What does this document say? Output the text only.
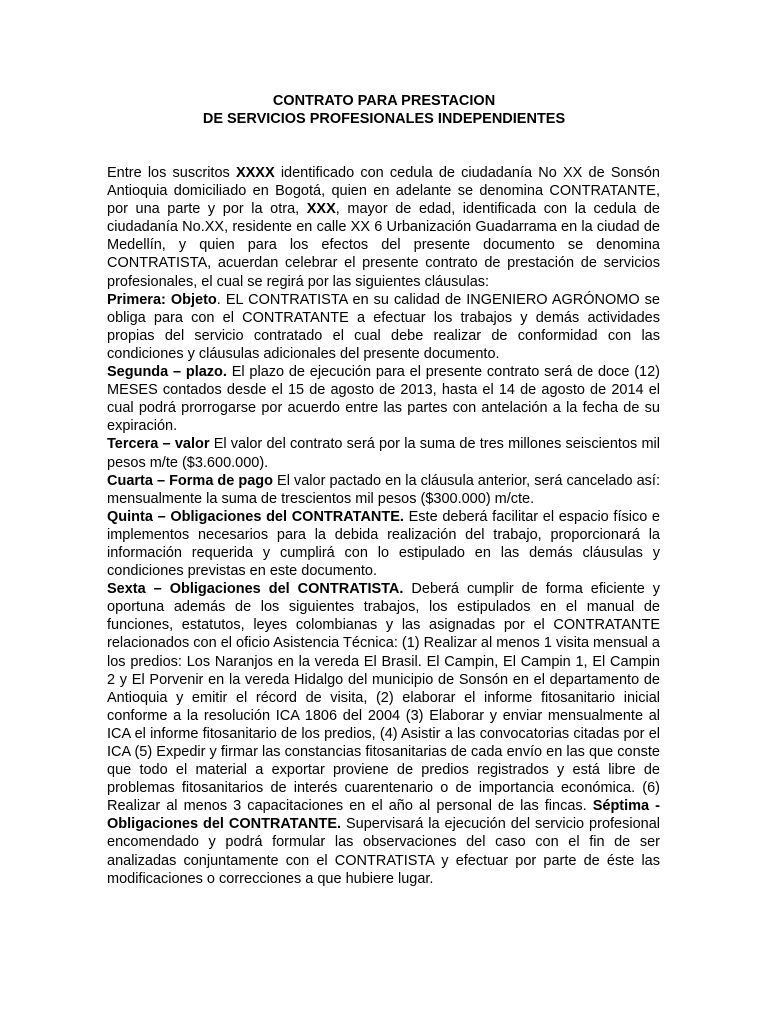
CONTRATO PARA PRESTACION
DE SERVICIOS PROFESIONALES INDEPENDIENTES

Entre los suscritos XXXX identificado con cedula de ciudadanía No XX de Sonsón Antioquia domiciliado en Bogotá, quien en adelante se denomina CONTRATANTE, por una parte y por la otra, XXX, mayor de edad, identificada con la cedula de ciudadanía No.XX, residente en calle XX 6 Urbanización Guadarrama en la ciudad de Medellín, y quien para los efectos del presente documento se denomina CONTRATISTA, acuerdan celebrar el presente contrato de prestación de servicios profesionales, el cual se regirá por las siguientes cláusulas:

Primera: Objeto. EL CONTRATISTA en su calidad de INGENIERO AGRÓNOMO se obliga para con el CONTRATANTE a efectuar los trabajos y demás actividades propias del servicio contratado el cual debe realizar de conformidad con las condiciones y cláusulas adicionales del presente documento.

Segunda – plazo. El plazo de ejecución para el presente contrato será de doce (12) MESES contados desde el 15 de agosto de 2013, hasta el 14 de agosto de 2014 el cual podrá prorrogarse por acuerdo entre las partes con antelación a la fecha de su expiración.

Tercera – valor El valor del contrato será por la suma de tres millones seiscientos mil pesos m/te ($3.600.000).

Cuarta – Forma de pago El valor pactado en la cláusula anterior, será cancelado así: mensualmente la suma de trescientos mil pesos ($300.000) m/cte.

Quinta – Obligaciones del CONTRATANTE. Este deberá facilitar el espacio físico e implementos necesarios para la debida realización del trabajo, proporcionará la información requerida y cumplirá con lo estipulado en las demás cláusulas y condiciones previstas en este documento.

Sexta – Obligaciones del CONTRATISTA. Deberá cumplir de forma eficiente y oportuna además de los siguientes trabajos, los estipulados en el manual de funciones, estatutos, leyes colombianas y las asignadas por el CONTRATANTE relacionados con el oficio Asistencia Técnica: (1) Realizar al menos 1 visita mensual a los predios: Los Naranjos en la vereda El Brasil. El Campin, El Campin 1, El Campin 2 y El Porvenir en la vereda Hidalgo del municipio de Sonsón en el departamento de Antioquia y emitir el récord de visita, (2) elaborar el informe fitosanitario inicial conforme a la resolución ICA 1806 del 2004 (3) Elaborar y enviar mensualmente al ICA el informe fitosanitario de los predios, (4) Asistir a las convocatorias citadas por el ICA (5) Expedir y firmar las constancias fitosanitarias de cada envío en las que conste que todo el material a exportar proviene de predios registrados y está libre de problemas fitosanitarios de interés cuarentenario o de importancia económica. (6) Realizar al menos 3 capacitaciones en el año al personal de las fincas. Séptima - Obligaciones del CONTRATANTE. Supervisará la ejecución del servicio profesional encomendado y podrá formular las observaciones del caso con el fin de ser analizadas conjuntamente con el CONTRATISTA y efectuar por parte de éste las modificaciones o correcciones a que hubiere lugar.
